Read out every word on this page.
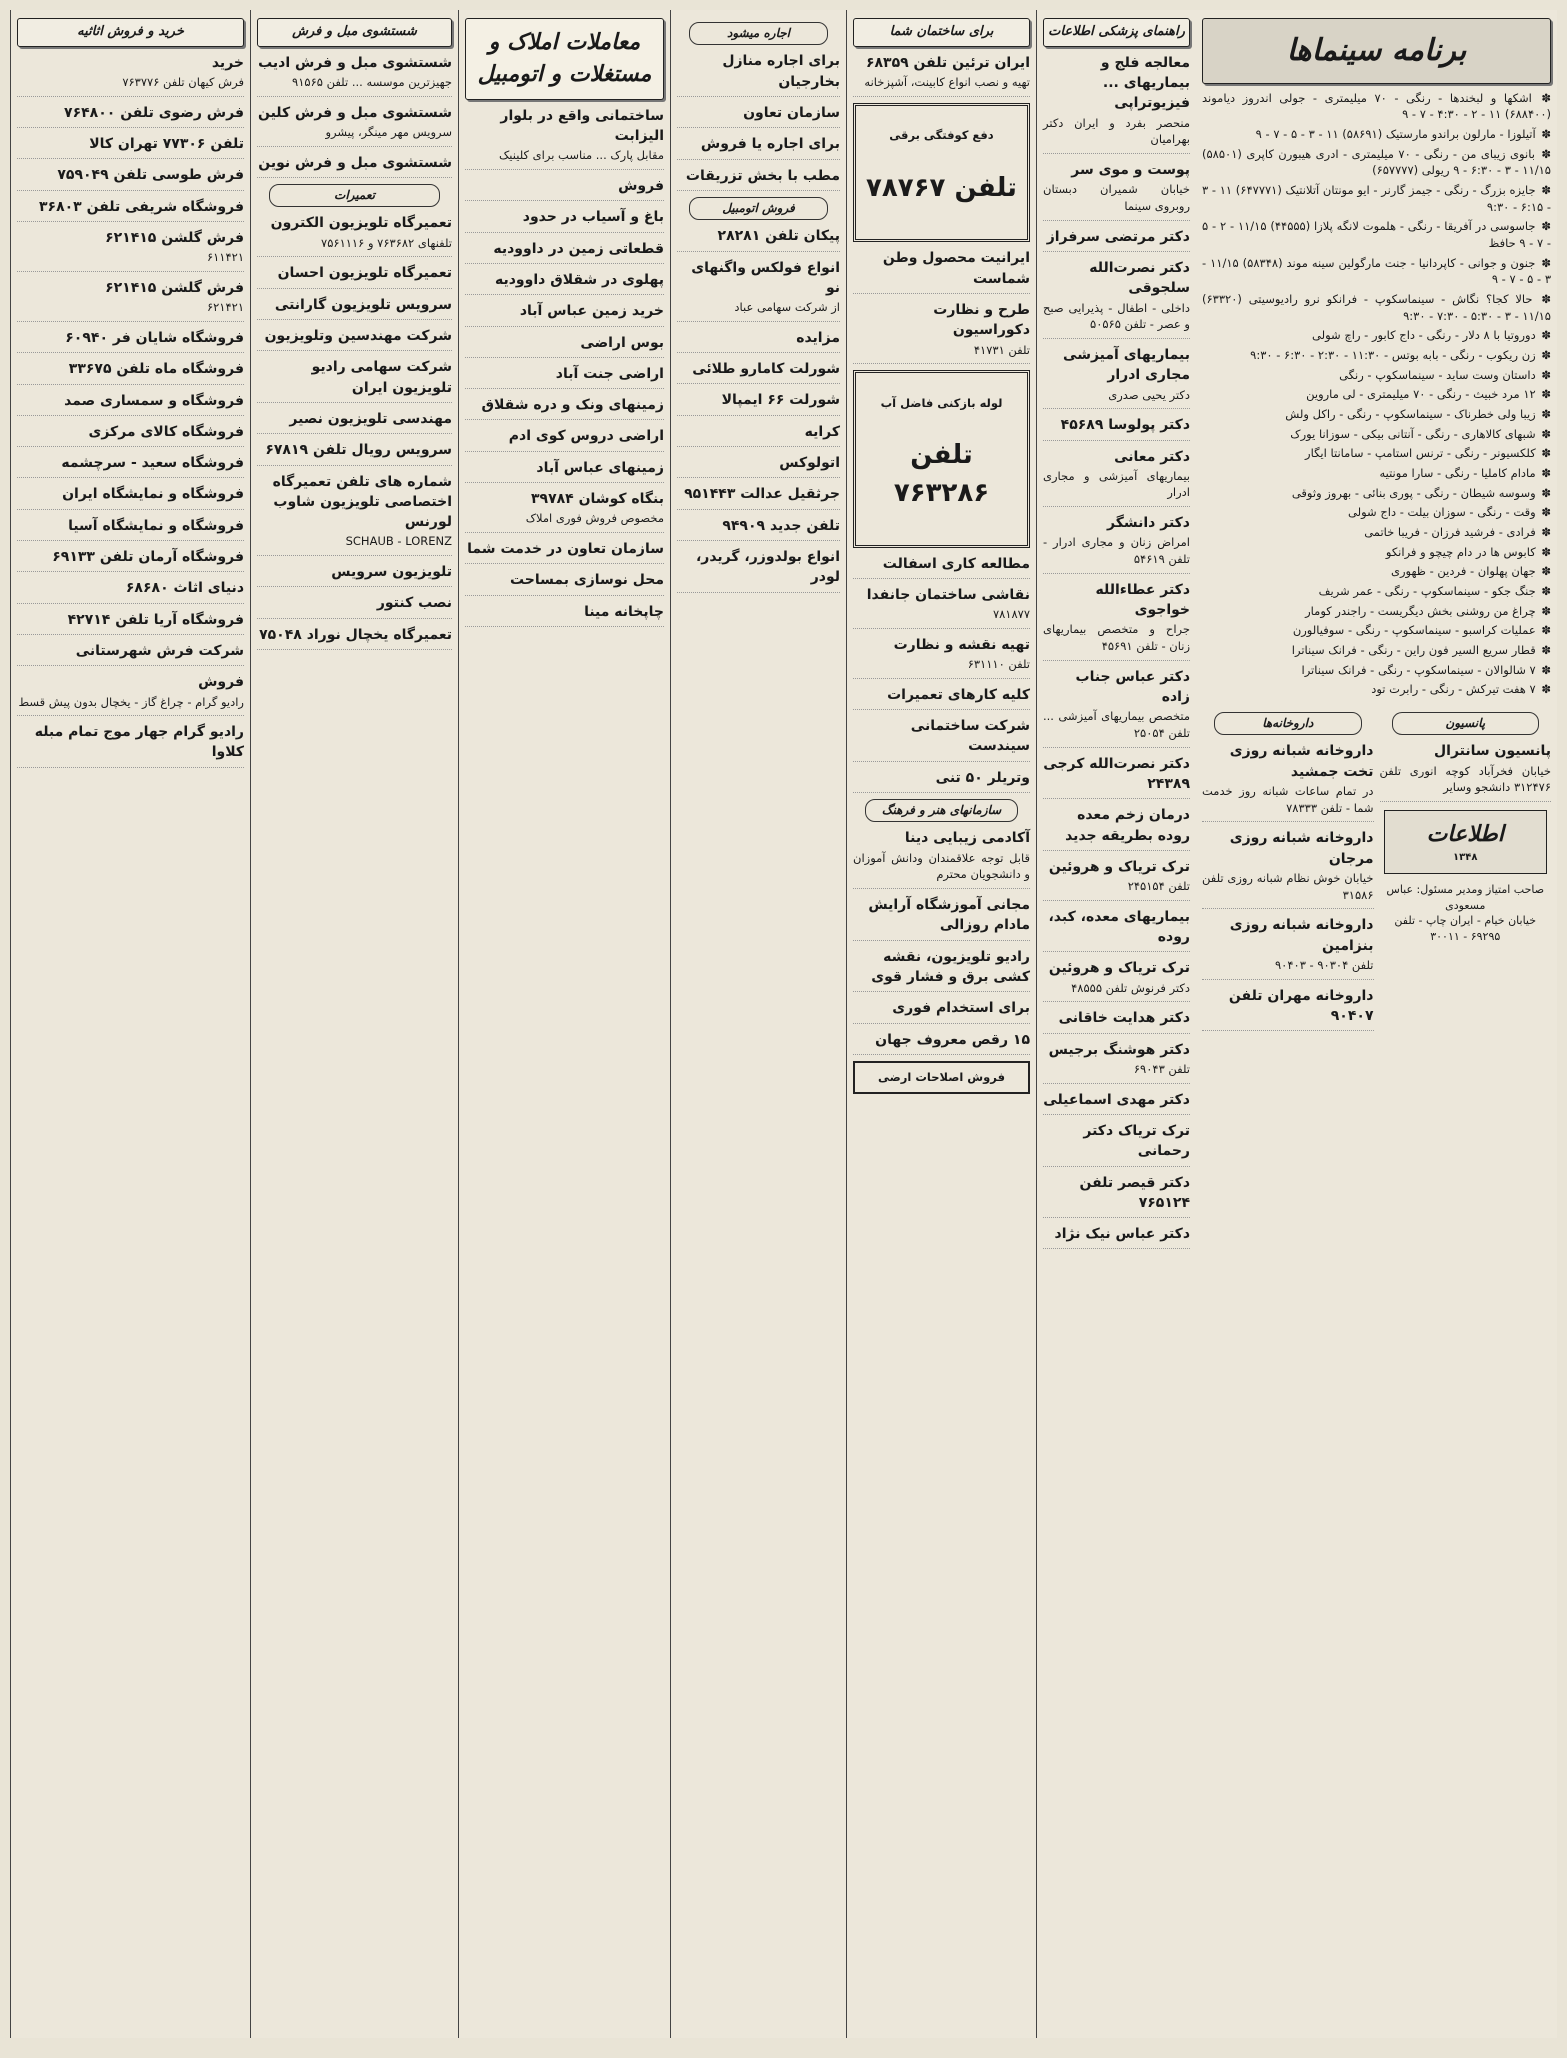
خرید و فروش اثاثیه
خرید

فرش کیهان تلفن ۷۶۳۷۷۶

فرش رضوی تلفن ۷۶۴۸۰۰
تلفن ۷۷۳۰۶ تهران کالا
فرش طوسی تلفن ۷۵۹۰۴۹
فروشگاه شریفی تلفن ۳۶۸۰۳
فرش گلشن ۶۲۱۴۱۵

۶۱۱۴۲۱

فرش گلشن ۶۲۱۴۱۵

۶۲۱۴۲۱

فروشگاه شایان فر ۶۰۹۴۰
فروشگاه ماه تلفن ۳۳۶۷۵
فروشگاه و سمساری صمد
فروشگاه کالای مرکزی
فروشگاه سعید - سرچشمه
فروشگاه و نمایشگاه ایران
فروشگاه و نمایشگاه آسیا
فروشگاه آرمان تلفن ۶۹۱۳۳
دنیای اثاث ۶۸۶۸۰
فروشگاه آریا تلفن ۴۲۷۱۴
شرکت فرش شهرستانی
فروش

رادیو گرام - چراغ گاز - یخچال بدون پیش قسط

رادیو گرام جهار موج تمام مبله کلاوا
شستشوی مبل و فرش
شستشوی مبل و فرش ادیب

جهیزترین موسسه ... تلفن ۹۱۵۶۵

شستشوی مبل و فرش کلین

سرویس مهر مینگر، پیشرو

شستشوی مبل و فرش نوین
تعمیرات
تعمیرگاه تلویزیون الکترون

تلفنهای ۷۶۳۶۸۲ و ۷۵۶۱۱۱۶

تعمیرگاه تلویزیون احسان
سرویس تلویزیون گارانتی
شرکت مهندسین وتلویزیون
شرکت سهامی رادیو تلویزیون ایران
مهندسی تلویزیون نصیر
سرویس رویال تلفن ۶۷۸۱۹
شماره های تلفن تعمیرگاه اختصاصی تلویزیون شاوب لورنس

SCHAUB - LORENZ

تلویزیون سرویس
نصب کنتور
تعمیرگاه یخچال نوراد ۷۵۰۴۸
معاملات املاک و مستغلات و اتومبیل
ساختمانی واقع در بلوار الیزابت

مقابل پارک ... مناسب برای کلینیک

فروش
باغ و آسیاب در حدود
قطعاتی زمین در داوودیه
پهلوی در شقلاق داوودیه
خرید زمین عباس آباد
بوس اراضی
اراضی جنت آباد
زمینهای ونک و دره شقلاق
اراضی دروس کوی ادم
زمینهای عباس آباد
بنگاه کوشان ۳۹۷۸۴

مخصوص فروش فوری املاک

سازمان تعاون در خدمت شما
محل نوسازی بمساحت
چاپخانه مینا
اجاره میشود
برای اجاره منازل بخارجیان
سازمان تعاون
برای اجاره یا فروش
مطب با بخش تزریقات
فروش اتومبیل
پیکان تلفن ۲۸۲۸۱
انواع فولکس واگنهای نو

از شرکت سهامی عباد

مزایده
شورلت کامارو طلائی
شورلت ۶۶ ایمپالا
کرایه
اتولوکس
جرثقیل عدالت ۹۵۱۴۴۳
تلفن جدید ۹۴۹۰۹
انواع بولدوزر، گریدر، لودر
برای ساختمان شما
ایران ترئین تلفن ۶۸۳۵۹

تهیه و نصب انواع کابینت، آشپزخانه

دفع کوفتگی برقی

تلفن ۷۸۷۶۷

ایرانیت محصول وطن شماست
طرح و نظارت دکوراسیون

تلفن ۴۱۷۳۱

لوله بازکنی فاضل آب

تلفن ۷۶۳۲۸۶

مطالعه کاری اسفالت
نقاشی ساختمان جانفدا

۷۸۱۸۷۷

تهیه نقشه و نظارت

تلفن ۶۳۱۱۱۰

کلیه کارهای تعمیرات
شرکت ساختمانی سیندست
وتریلر ۵۰ تنی
سازمانهای هنر و فرهنگ
آکادمی زیبایی دینا

قابل توجه علاقمندان ودانش آموزان و دانشجویان محترم

مجانی آموزشگاه آرایش مادام روزالی
رادیو تلویزیون، نقشه کشی برق و فشار قوی
برای استخدام فوری
۱۵ رقص معروف جهان
فروش اصلاحات ارضی
راهنمای پزشکی اطلاعات
معالجه فلج و بیماریهای ... فیزیوتراپی

منحصر بفرد و ایران دکتر بهرامیان

پوست و موی سر

خیابان شمیران دبستان روبروی سینما

دکتر مرتضی سرفراز
دکتر نصرت‌الله سلجوقی

داخلی - اطفال - پذیرایی صبح و عصر - تلفن ۵۰۵۶۵

بیماریهای آمیزشی مجاری ادرار

دکتر یحیی صدری

دکتر پولوسا ۴۵۶۸۹
دکتر معانی

بیماریهای آمیزشی و مجاری ادرار

دکتر دانشگر

امراض زنان و مجاری ادرار - تلفن ۵۴۶۱۹

دکتر عطاءالله خواجوی

جراح و متخصص بیماریهای زنان - تلفن ۴۵۶۹۱

دکتر عباس جناب زاده

متخصص بیماریهای آمیزشی ... تلفن ۲۵۰۵۴

دکتر نصرت‌الله کرجی ۲۴۳۸۹
درمان زخم معده روده بطریقه جدید
ترک تریاک و هروئین

تلفن ۲۴۵۱۵۴

بیماریهای معده، کبد، روده
ترک تریاک و هروئین

دکتر فرنوش تلفن ۴۸۵۵۵

دکتر هدایت خاقانی
دکتر هوشنگ برجیس

تلفن ۶۹۰۴۳

دکتر مهدی اسماعیلی
ترک تریاک دکتر رحمانی
دکتر قیصر تلفن ۷۶۵۱۲۴
دکتر عباس نیک نژاد
برنامه سینماها

✽ اشکها و لبخندها - رنگی - ۷۰ میلیمتری - جولی اندروز دیاموند (۶۸۸۴۰۰) ۱۱ - ۲ - ۴:۳۰ - ۷ - ۹

✽ آتیلوزا - مارلون براندو مارستیک (۵۸۶۹۱) ۱۱ - ۳ - ۵ - ۷ - ۹

✽ بانوی زیبای من - رنگی - ۷۰ میلیمتری - ادری هیبورن کاپری (۵۸۵۰۱) ۱۱/۱۵ - ۳ - ۶:۳۰ - ۹ ریولی (۶۵۷۷۷۷)

✽ جایزه بزرگ - رنگی - جیمز گارنر - ایو مونتان آتلانتیک (۶۴۷۷۷۱) ۱۱ - ۳ - ۶:۱۵ - ۹:۳۰

✽ جاسوسی در آفریقا - رنگی - هلموت لانگه پلازا (۴۴۵۵۵) ۱۱/۱۵ - ۲ - ۵ - ۷ - ۹ حافظ

✽ جنون و جوانی - کاپردانیا - جنت مارگولین سینه موند (۵۸۳۴۸) ۱۱/۱۵ - ۳ - ۵ - ۷ - ۹

✽ حالا کجا؟ نگاش - سینماسکوپ - فرانکو نرو رادیوسیتی (۶۳۳۲۰) ۱۱/۱۵ - ۳ - ۵:۳۰ - ۷:۳۰ - ۹:۳۰

✽ دوروتیا با ۸ دلار - رنگی - داج کابور - راچ شولی

✽ زن ریکوب - رنگی - بابه بوتس - ۱۱:۳۰ - ۲:۳۰ - ۶:۳۰ - ۹:۳۰

✽ داستان وست ساید - سینماسکوپ - رنگی

✽ ۱۲ مرد خبیث - رنگی - ۷۰ میلیمتری - لی ماروین

✽ زیبا ولی خطرناک - سینماسکوپ - رنگی - راکل ولش

✽ شبهای کالاهاری - رنگی - آنتانی بیکی - سوزانا یورک

✽ کلکسیونر - رنگی - ترنس استامپ - سامانتا ایگار

✽ مادام کاملیا - رنگی - سارا مونتیه

✽ وسوسه شیطان - رنگی - پوری بنائی - بهروز وثوقی

✽ وقت - رنگی - سوزان بیلت - داج شولی

✽ فرادی - فرشید فرزان - فریبا خاتمی

✽ کابوس ها در دام چیچو و فرانکو

✽ جهان پهلوان - فردین - ظهوری

✽ جنگ جکو - سینماسکوپ - رنگی - عمر شریف

✽ چراغ من روشنی بخش دیگریست - راجندر کومار

✽ عملیات کراسبو - سینماسکوپ - رنگی - سوفیالورن

✽ قطار سریع السیر فون راین - رنگی - فرانک سیناترا

✽ ۷ شالوالان - سینماسکوپ - رنگی - فرانک سیناترا

✽ ۷ هفت تیرکش - رنگی - رابرت تود

پانسیون
پانسیون سانترال

خیابان فخرآباد کوچه انوری تلفن ۳۱۲۴۷۶ دانشجو وسایر

اطلاعات
۱۳۴۸
صاحب امتیاز ومدیر مسئول: عباس مسعودی
خیابان خیام - ایران چاپ - تلفن ۶۹۲۹۵ - ۳۰۰۱۱
داروخانه‌ها
داروخانه شبانه روزی تخت جمشید

در تمام ساعات شبانه روز خدمت شما - تلفن ۷۸۳۳۳

داروخانه شبانه روزی مرجان

خیابان خوش نظام شبانه روزی تلفن ۳۱۵۸۶

داروخانه شبانه روزی بنزامین

تلفن ۹۰۳۰۴ - ۹۰۴۰۳

داروخانه مهران تلفن ۹۰۴۰۷
